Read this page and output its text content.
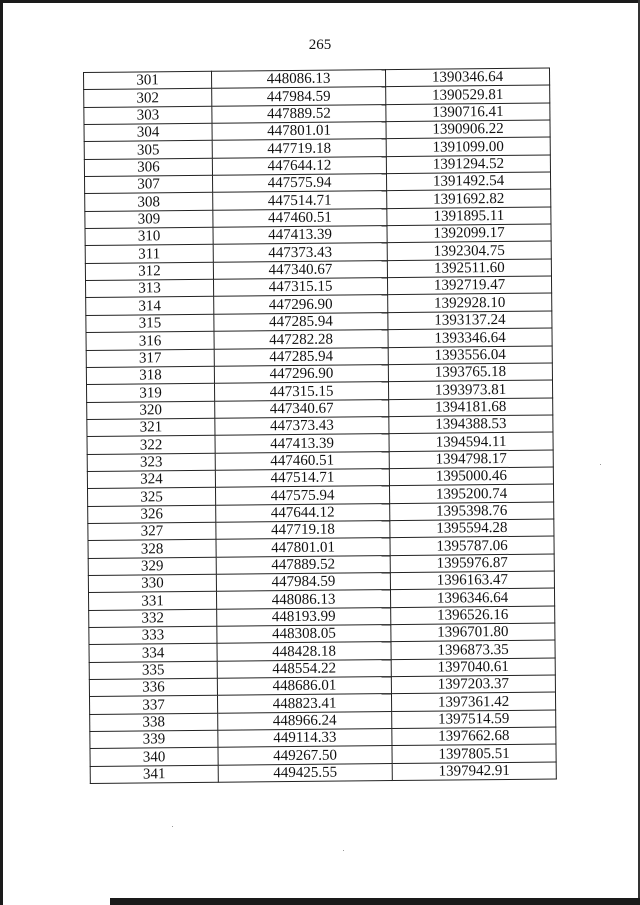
265
301	448086.13	1390346.64
302	447984.59	1390529.81
303	447889.52	1390716.41
304	447801.01	1390906.22
305	447719.18	1391099.00
306	447644.12	1391294.52
307	447575.94	1391492.54
308	447514.71	1391692.82
309	447460.51	1391895.11
310	447413.39	1392099.17
311	447373.43	1392304.75
312	447340.67	1392511.60
313	447315.15	1392719.47
314	447296.90	1392928.10
315	447285.94	1393137.24
316	447282.28	1393346.64
317	447285.94	1393556.04
318	447296.90	1393765.18
319	447315.15	1393973.81
320	447340.67	1394181.68
321	447373.43	1394388.53
322	447413.39	1394594.11
323	447460.51	1394798.17
324	447514.71	1395000.46
325	447575.94	1395200.74
326	447644.12	1395398.76
327	447719.18	1395594.28
328	447801.01	1395787.06
329	447889.52	1395976.87
330	447984.59	1396163.47
331	448086.13	1396346.64
332	448193.99	1396526.16
333	448308.05	1396701.80
334	448428.18	1396873.35
335	448554.22	1397040.61
336	448686.01	1397203.37
337	448823.41	1397361.42
338	448966.24	1397514.59
339	449114.33	1397662.68
340	449267.50	1397805.51
341	449425.55	1397942.91
